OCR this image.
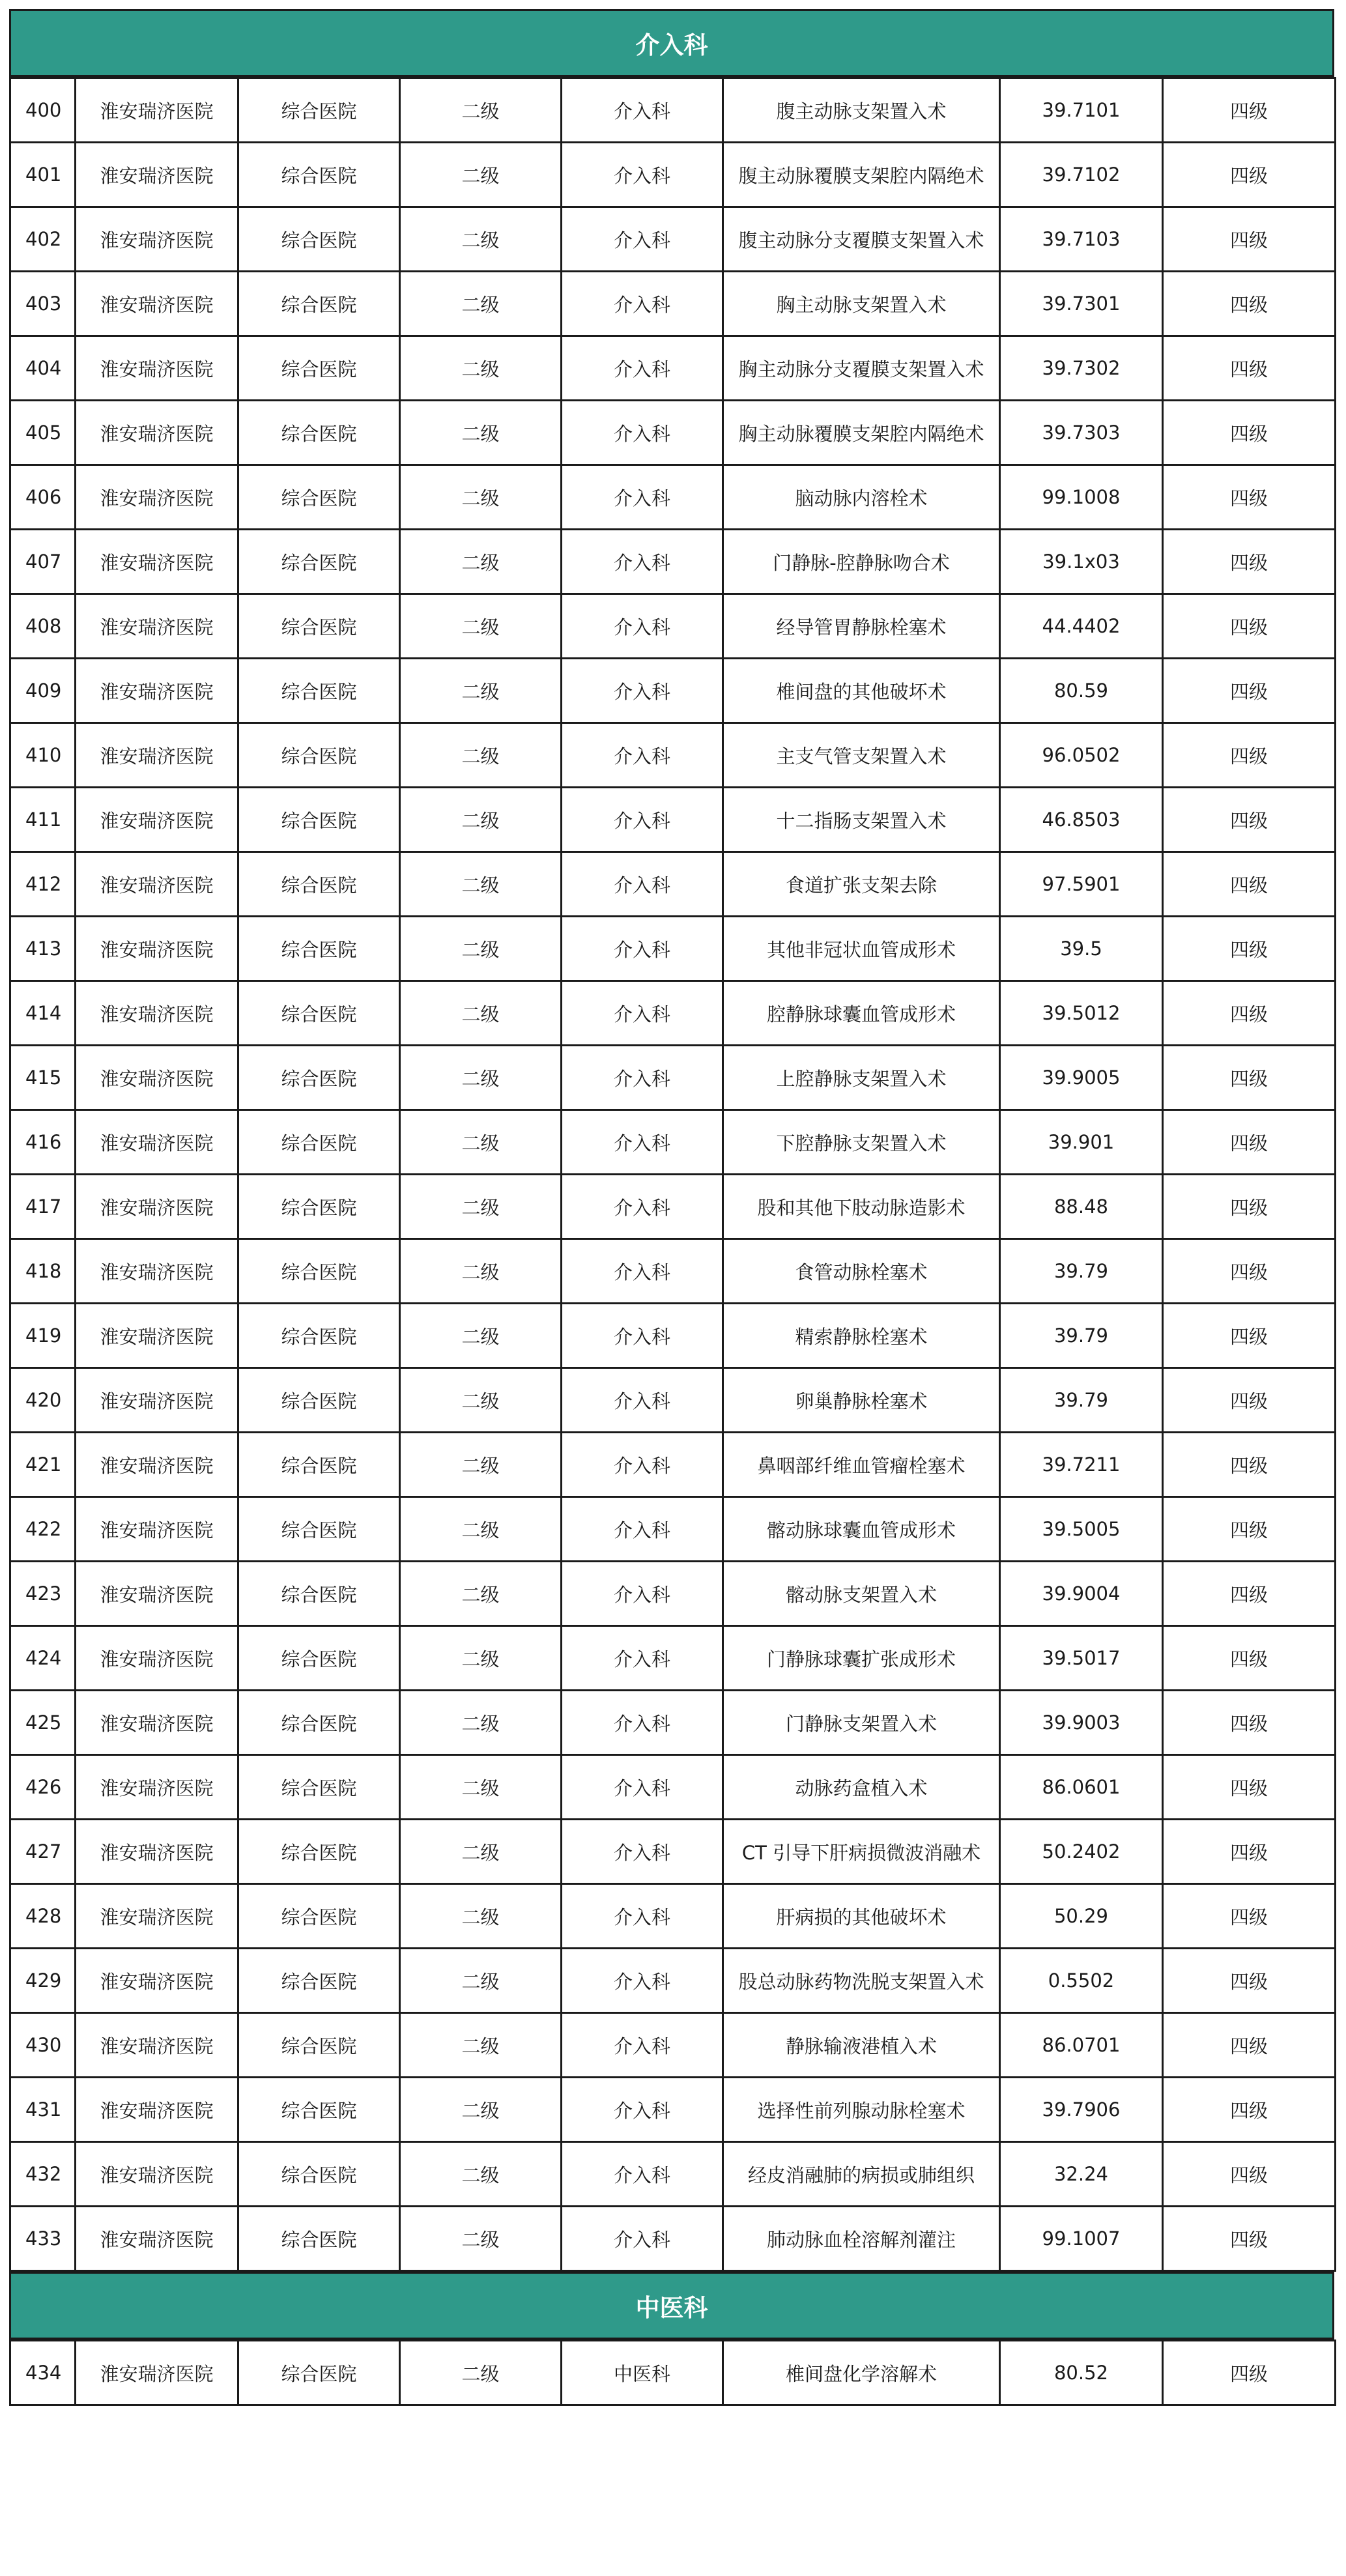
介入科
400	淮安瑞济医院	综合医院	二级	介入科	腹主动脉支架置入术	39.7101	四级
401	淮安瑞济医院	综合医院	二级	介入科	腹主动脉覆膜支架腔内隔绝术	39.7102	四级
402	淮安瑞济医院	综合医院	二级	介入科	腹主动脉分支覆膜支架置入术	39.7103	四级
403	淮安瑞济医院	综合医院	二级	介入科	胸主动脉支架置入术	39.7301	四级
404	淮安瑞济医院	综合医院	二级	介入科	胸主动脉分支覆膜支架置入术	39.7302	四级
405	淮安瑞济医院	综合医院	二级	介入科	胸主动脉覆膜支架腔内隔绝术	39.7303	四级
406	淮安瑞济医院	综合医院	二级	介入科	脑动脉内溶栓术	99.1008	四级
407	淮安瑞济医院	综合医院	二级	介入科	门静脉-腔静脉吻合术	39.1x03	四级
408	淮安瑞济医院	综合医院	二级	介入科	经导管胃静脉栓塞术	44.4402	四级
409	淮安瑞济医院	综合医院	二级	介入科	椎间盘的其他破坏术	80.59	四级
410	淮安瑞济医院	综合医院	二级	介入科	主支气管支架置入术	96.0502	四级
411	淮安瑞济医院	综合医院	二级	介入科	十二指肠支架置入术	46.8503	四级
412	淮安瑞济医院	综合医院	二级	介入科	食道扩张支架去除	97.5901	四级
413	淮安瑞济医院	综合医院	二级	介入科	其他非冠状血管成形术	39.5	四级
414	淮安瑞济医院	综合医院	二级	介入科	腔静脉球囊血管成形术	39.5012	四级
415	淮安瑞济医院	综合医院	二级	介入科	上腔静脉支架置入术	39.9005	四级
416	淮安瑞济医院	综合医院	二级	介入科	下腔静脉支架置入术	39.901	四级
417	淮安瑞济医院	综合医院	二级	介入科	股和其他下肢动脉造影术	88.48	四级
418	淮安瑞济医院	综合医院	二级	介入科	食管动脉栓塞术	39.79	四级
419	淮安瑞济医院	综合医院	二级	介入科	精索静脉栓塞术	39.79	四级
420	淮安瑞济医院	综合医院	二级	介入科	卵巢静脉栓塞术	39.79	四级
421	淮安瑞济医院	综合医院	二级	介入科	鼻咽部纤维血管瘤栓塞术	39.7211	四级
422	淮安瑞济医院	综合医院	二级	介入科	髂动脉球囊血管成形术	39.5005	四级
423	淮安瑞济医院	综合医院	二级	介入科	髂动脉支架置入术	39.9004	四级
424	淮安瑞济医院	综合医院	二级	介入科	门静脉球囊扩张成形术	39.5017	四级
425	淮安瑞济医院	综合医院	二级	介入科	门静脉支架置入术	39.9003	四级
426	淮安瑞济医院	综合医院	二级	介入科	动脉药盒植入术	86.0601	四级
427	淮安瑞济医院	综合医院	二级	介入科	CT 引导下肝病损微波消融术	50.2402	四级
428	淮安瑞济医院	综合医院	二级	介入科	肝病损的其他破坏术	50.29	四级
429	淮安瑞济医院	综合医院	二级	介入科	股总动脉药物洗脱支架置入术	0.5502	四级
430	淮安瑞济医院	综合医院	二级	介入科	静脉输液港植入术	86.0701	四级
431	淮安瑞济医院	综合医院	二级	介入科	选择性前列腺动脉栓塞术	39.7906	四级
432	淮安瑞济医院	综合医院	二级	介入科	经皮消融肺的病损或肺组织	32.24	四级
433	淮安瑞济医院	综合医院	二级	介入科	肺动脉血栓溶解剂灌注	99.1007	四级
中医科
434	淮安瑞济医院	综合医院	二级	中医科	椎间盘化学溶解术	80.52	四级
